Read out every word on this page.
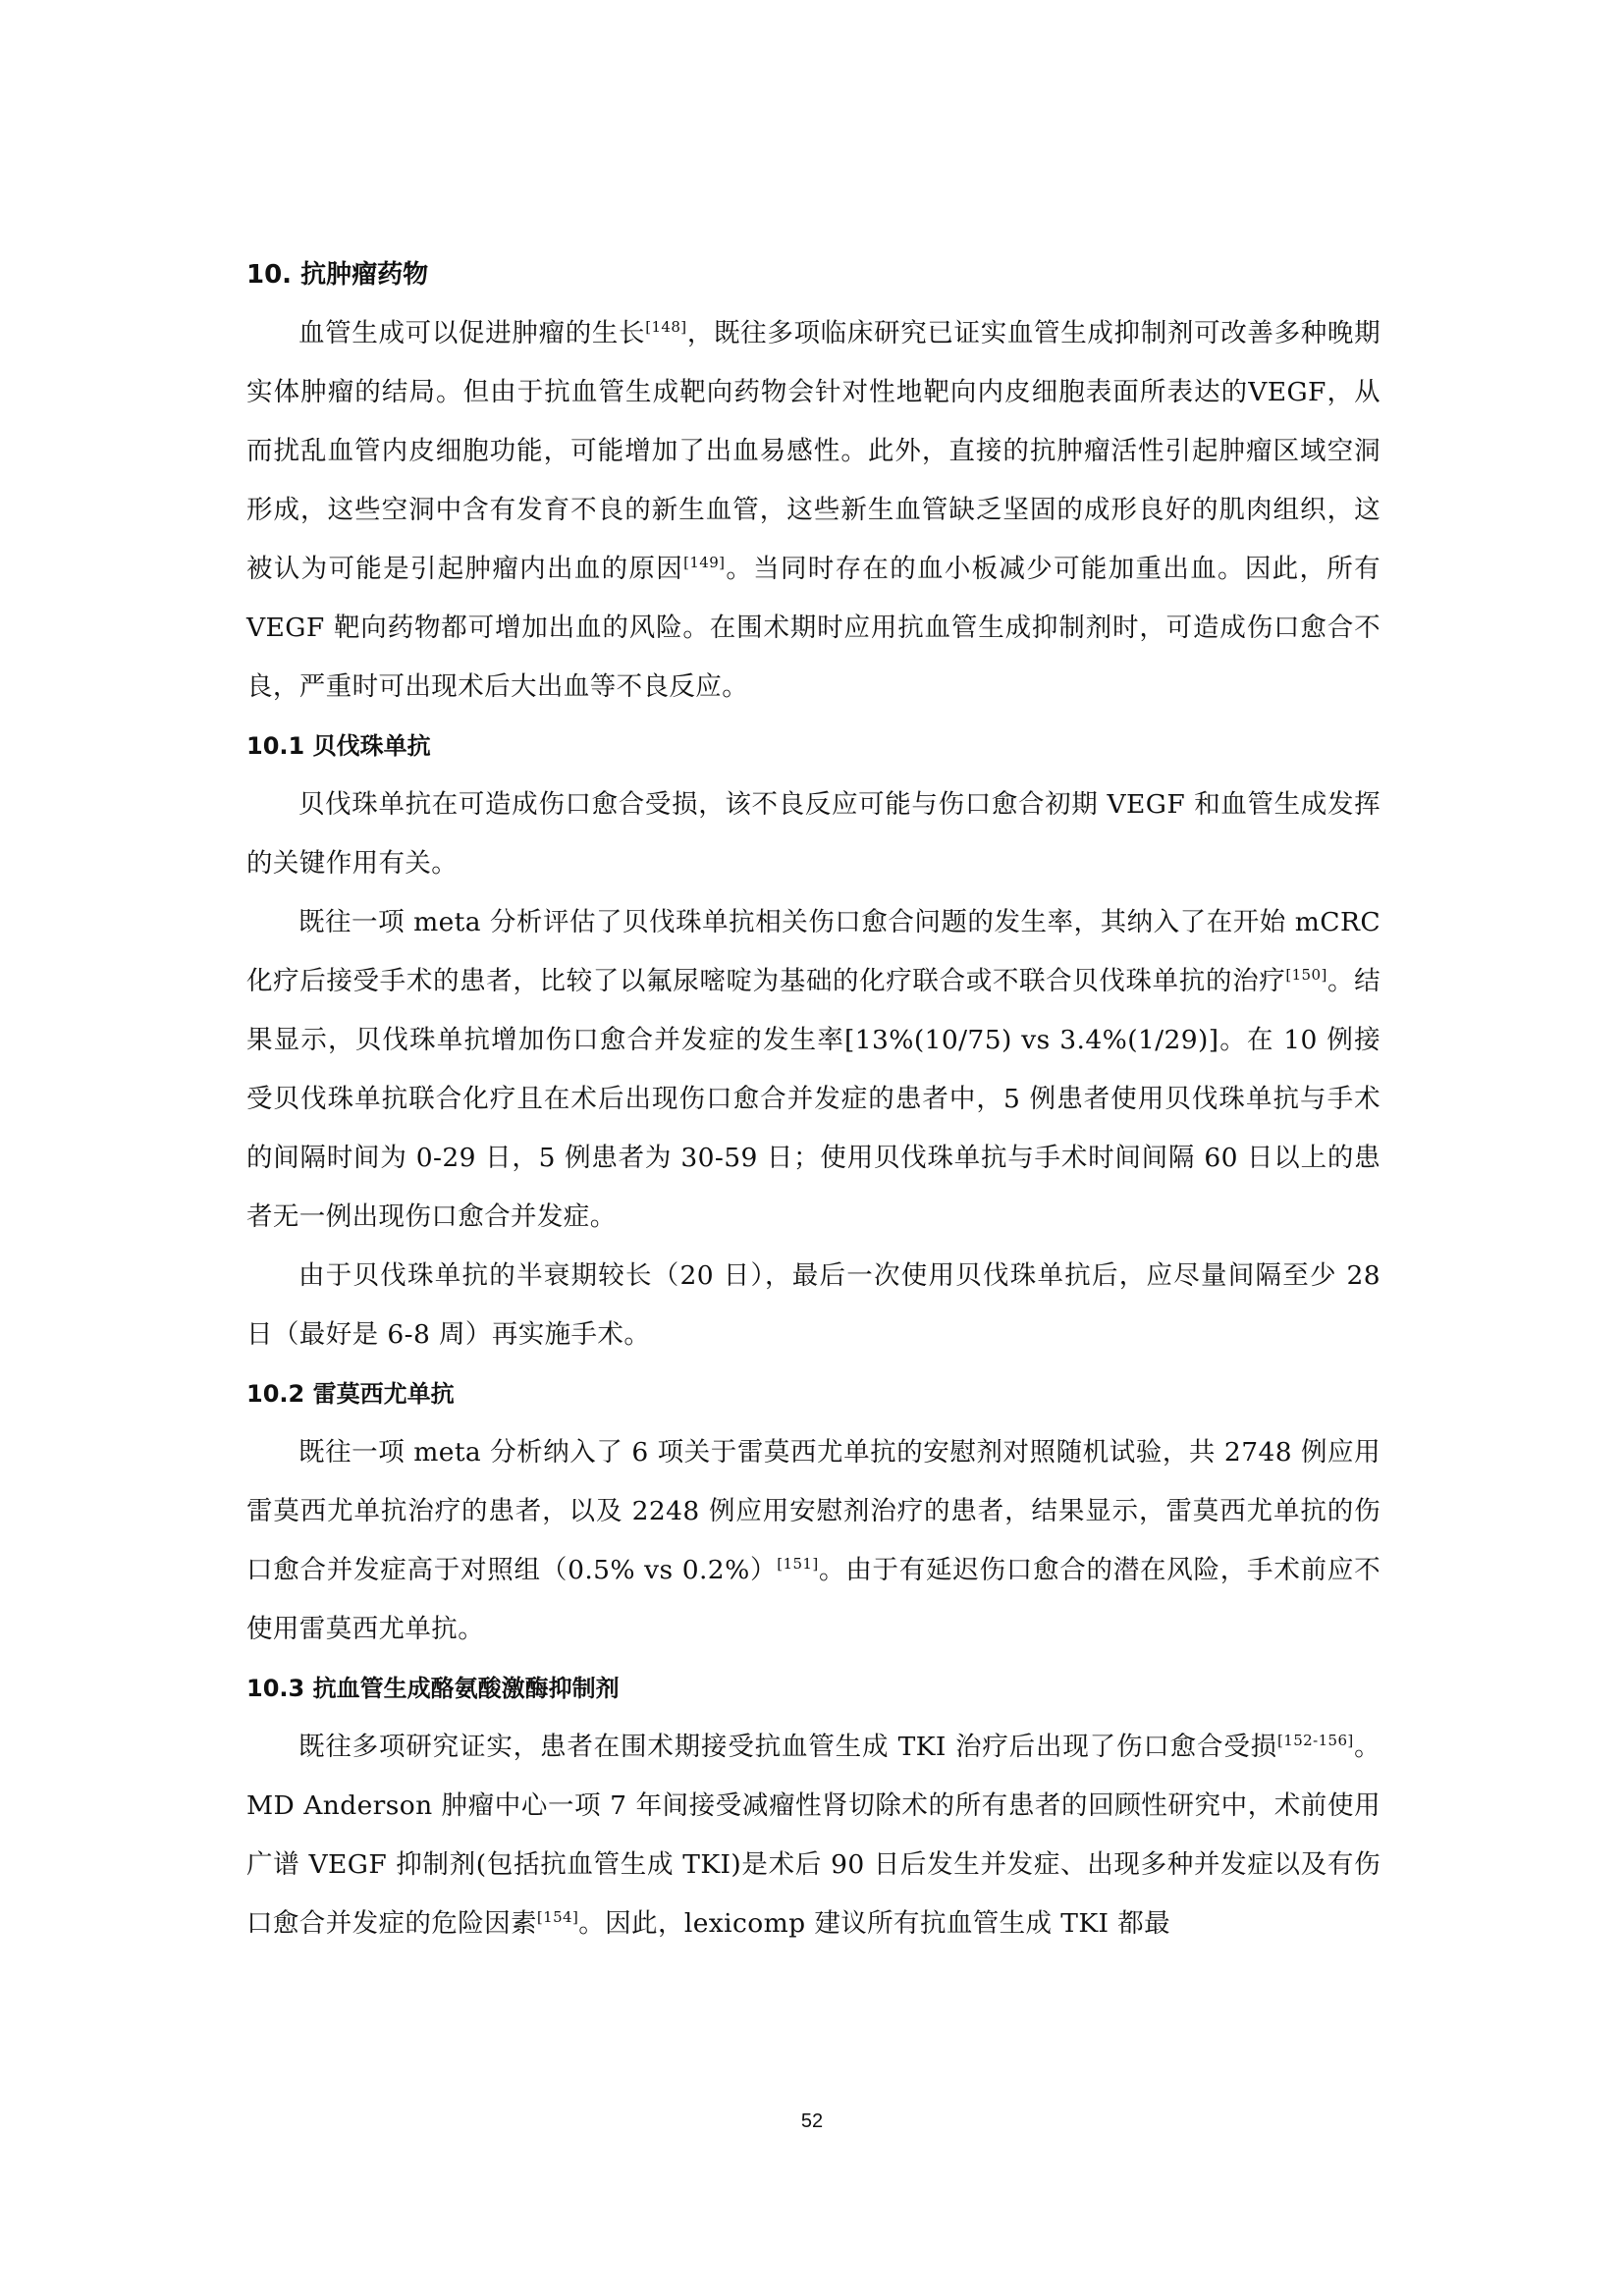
10. 抗肿瘤药物

血管生成可以促进肿瘤的生长[148]，既往多项临床研究已证实血管生成抑制剂可改善多种晚期实体肿瘤的结局。但由于抗血管生成靶向药物会针对性地靶向内皮细胞表面所表达的VEGF，从而扰乱血管内皮细胞功能，可能增加了出血易感性。此外，直接的抗肿瘤活性引起肿瘤区域空洞形成，这些空洞中含有发育不良的新生血管，这些新生血管缺乏坚固的成形良好的肌肉组织，这被认为可能是引起肿瘤内出血的原因[149]。当同时存在的血小板减少可能加重出血。因此，所有 VEGF 靶向药物都可增加出血的风险。在围术期时应用抗血管生成抑制剂时，可造成伤口愈合不良，严重时可出现术后大出血等不良反应。

10.1 贝伐珠单抗

贝伐珠单抗在可造成伤口愈合受损，该不良反应可能与伤口愈合初期 VEGF 和血管生成发挥的关键作用有关。

既往一项 meta 分析评估了贝伐珠单抗相关伤口愈合问题的发生率，其纳入了在开始 mCRC 化疗后接受手术的患者，比较了以氟尿嘧啶为基础的化疗联合或不联合贝伐珠单抗的治疗[150]。结果显示，贝伐珠单抗增加伤口愈合并发症的发生率[13%(10/75) vs 3.4%(1/29)]。在 10 例接受贝伐珠单抗联合化疗且在术后出现伤口愈合并发症的患者中，5 例患者使用贝伐珠单抗与手术的间隔时间为 0-29 日，5 例患者为 30-59 日；使用贝伐珠单抗与手术时间间隔 60 日以上的患者无一例出现伤口愈合并发症。

由于贝伐珠单抗的半衰期较长（20 日），最后一次使用贝伐珠单抗后，应尽量间隔至少 28 日（最好是 6-8 周）再实施手术。

10.2 雷莫西尤单抗

既往一项 meta 分析纳入了 6 项关于雷莫西尤单抗的安慰剂对照随机试验，共 2748 例应用雷莫西尤单抗治疗的患者，以及 2248 例应用安慰剂治疗的患者，结果显示，雷莫西尤单抗的伤口愈合并发症高于对照组（0.5% vs 0.2%）[151]。由于有延迟伤口愈合的潜在风险，手术前应不使用雷莫西尤单抗。

10.3 抗血管生成酪氨酸激酶抑制剂

既往多项研究证实，患者在围术期接受抗血管生成 TKI 治疗后出现了伤口愈合受损[152-156]。MD Anderson 肿瘤中心一项 7 年间接受减瘤性肾切除术的所有患者的回顾性研究中，术前使用广谱 VEGF 抑制剂(包括抗血管生成 TKI)是术后 90 日后发生并发症、出现多种并发症以及有伤口愈合并发症的危险因素[154]。因此，lexicomp 建议所有抗血管生成 TKI 都最

52
